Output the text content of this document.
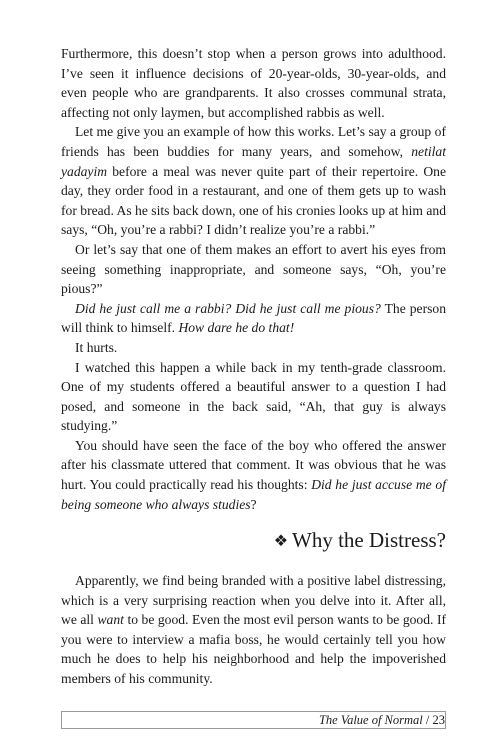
Furthermore, this doesn’t stop when a person grows into adulthood. I’ve seen it influence decisions of 20-year-olds, 30-year-olds, and even people who are grandparents. It also crosses communal strata, affecting not only laymen, but accomplished rabbis as well.

Let me give you an example of how this works. Let’s say a group of friends has been buddies for many years, and somehow, netilat yadayim before a meal was never quite part of their repertoire. One day, they order food in a restaurant, and one of them gets up to wash for bread. As he sits back down, one of his cronies looks up at him and says, “Oh, you’re a rabbi? I didn’t realize you’re a rabbi.”

Or let’s say that one of them makes an effort to avert his eyes from seeing something inappropriate, and someone says, “Oh, you’re pious?”

Did he just call me a rabbi? Did he just call me pious? The person will think to himself. How dare he do that!

It hurts.

I watched this happen a while back in my tenth-grade classroom. One of my students offered a beautiful answer to a question I had posed, and someone in the back said, “Ah, that guy is always studying.”

You should have seen the face of the boy who offered the answer after his classmate uttered that comment. It was obvious that he was hurt. You could practically read his thoughts: Did he just accuse me of being someone who always studies?

❖ Why the Distress?

Apparently, we find being branded with a positive label distressing, which is a very surprising reaction when you delve into it. After all, we all want to be good. Even the most evil person wants to be good. If you were to interview a mafia boss, he would certainly tell you how much he does to help his neighborhood and help the impoverished members of his community.

The Value of Normal / 23
